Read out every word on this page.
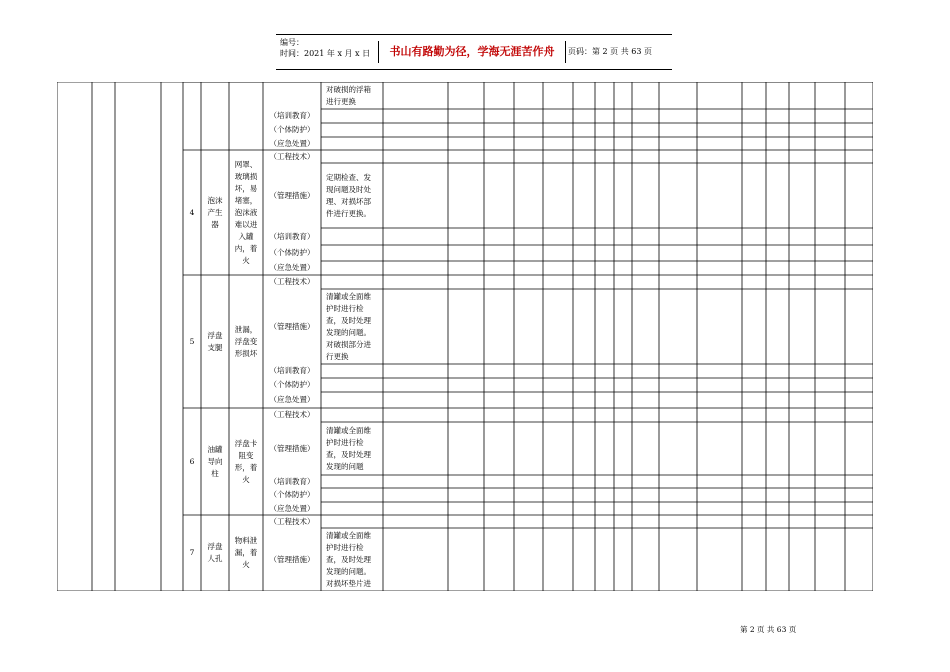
编号：
时间：2021 年 x 月 x 日	书山有路勤为径，学海无涯苦作舟	页码：第 2 页 共 63 页
对破损的浮箱进行更换
（培训教育）
（个体防护）
（应急处置）
4
泡沫产生器
网罩、玻璃损坏，易堵塞，泡沫液难以进入罐内，着火
（工程技术）
（管理措施）
定期检查、发现问题及时处理、对损坏部件进行更换。
（培训教育）
（个体防护）
（应急处置）
5
浮盘支腿
泄漏，浮盘变形损坏
（工程技术）
（管理措施）
清罐或全面维护时进行检查，及时处理发现的问题。对破损部分进行更换
（培训教育）
（个体防护）
（应急处置）
6
油罐导向柱
浮盘卡阻变形，着火
（工程技术）
（管理措施）
清罐或全面维护时进行检查，及时处理发现的问题
（培训教育）
（个体防护）
（应急处置）
7
浮盘人孔
物料泄漏，着火
（工程技术）
（管理措施）
清罐或全面维护时进行检查，及时处理发现的问题。对损坏垫片进
第 2 页 共 63 页
